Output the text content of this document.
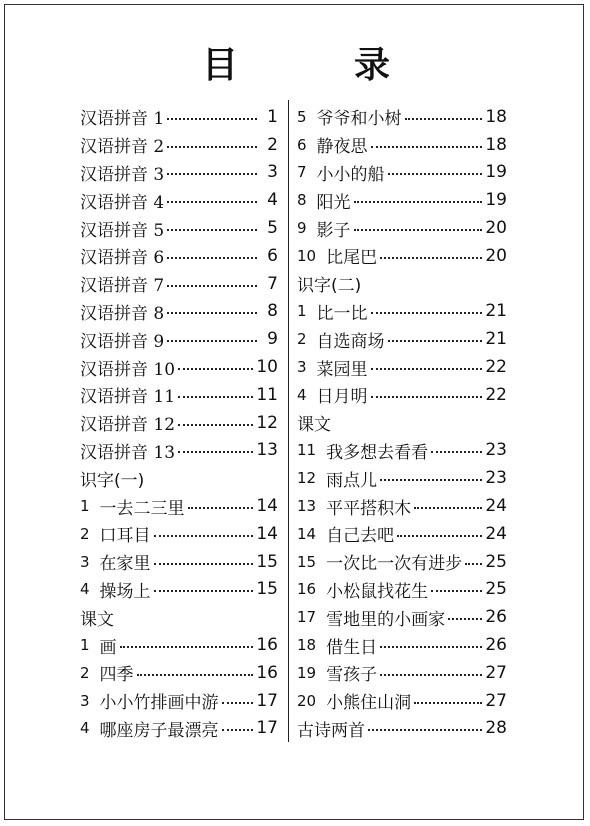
目　录
汉语拼音 1	1
汉语拼音 2	2
汉语拼音 3	3
汉语拼音 4	4
汉语拼音 5	5
汉语拼音 6	6
汉语拼音 7	7
汉语拼音 8	8
汉语拼音 9	9
汉语拼音 10	10
汉语拼音 11	11
汉语拼音 12	12
汉语拼音 13	13
识字(一)
1 一去二三里	14
2 口耳目	14
3 在家里	15
4 操场上	15
课文
1 画	16
2 四季	16
3 小小竹排画中游 17
4 哪座房子最漂亮 17
5 爷爷和小树	18
6 静夜思	18
7 小小的船	19
8 阳光	19
9 影子	20
10 比尾巴	20
识字(二)
1 比一比	21
2 自选商场	21
3 菜园里	22
4 日月明	22
课文
11 我多想去看看	23
12 雨点儿	23
13 平平搭积木	24
14 自己去吧	24
15 一次比一次有进步 25
16 小松鼠找花生	25
17 雪地里的小画家 26
18 借生日	26
19 雪孩子	27
20 小熊住山洞	27
古诗两首	28
